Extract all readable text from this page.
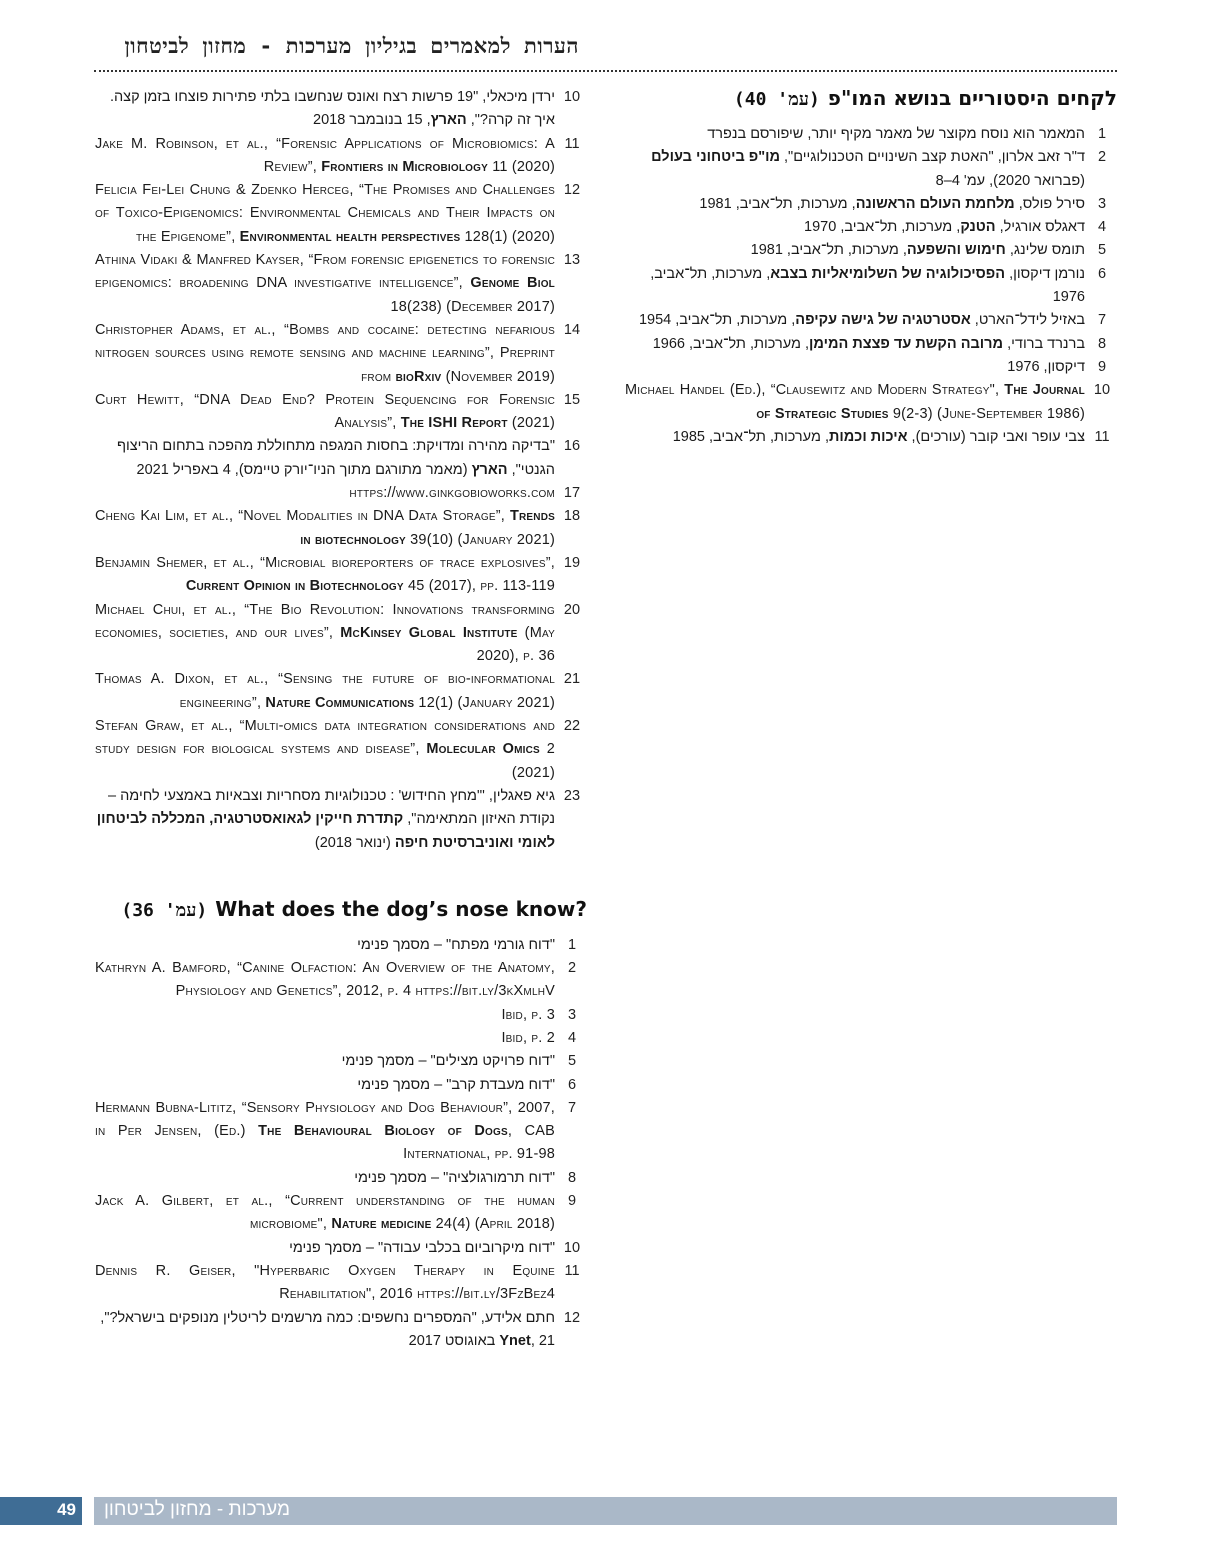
הערות למאמרים בגיליון מערכות - מחזון לביטחון
לקחים היסטוריים בנושא המו"פ(עמ' 40)
1
המאמר הוא נוסח מקוצר של מאמר מקיף יותר, שיפורסם בנפרד
2
ד"ר זאב אלרון, "האטת קצב השינויים הטכנולוגיים", מו"פ ביטחוני בעולם (פברואר 2020), עמ' 4–8
3
סירל פולס, מלחמת העולם הראשונה, מערכות, תל־אביב, 1981
4
דאגלס אורגיל, הטנק, מערכות, תל־אביב, 1970
5
תומס שלינג, חימוש והשפעה, מערכות, תל־אביב, 1981
6
נורמן דיקסון, הפסיכולוגיה של השלומיאליות בצבא, מערכות, תל־אביב, 1976
7
באזיל לידל־הארט, אסטרטגיה של גישה עקיפה, מערכות, תל־אביב, 1954
8
ברנרד ברודי, מרובה הקשת עד פצצת המימן, מערכות, תל־אביב, 1966
9
דיקסון, 1976
10
Michael Handel (Ed.), “Clausewitz and Modern Strategy", The Journal of Strategic Studies 9(2-3) (June-September 1986)
11
צבי עופר ואבי קובר (עורכים), איכות וכמות, מערכות, תל־אביב, 1985
10
ירדן מיכאלי, "19 פרשות רצח ואונס שנחשבו בלתי פתירות פוצחו בזמן קצה. איך זה קרה?", הארץ, 15 בנובמבר 2018
11
Jake M. Robinson, et al., “Forensic Applications of Microbiomics: A Review”, Frontiers in Microbiology 11 (2020)
12
Felicia Fei-Lei Chung & Zdenko Herceg, “The Promises and Challenges of Toxico-Epigenomics: Environmental Chemicals and Their Impacts on the Epigenome”, Environmental health perspectives 128(1) (2020)
13
Athina Vidaki & Manfred Kayser, “From forensic epigenetics to forensic epigenomics: broadening DNA investigative intelligence”, Genome Biol 18(238) (December 2017)
14
Christopher Adams, et al., “Bombs and cocaine: detecting nefarious nitrogen sources using remote sensing and machine learning”, Preprint from bioRxiv (November 2019)
15
Curt Hewitt, “DNA Dead End? Protein Sequencing for Forensic Analysis”, The ISHI Report (2021)
16
"בדיקה מהירה ומדויקת: בחסות המגפה מתחוללת מהפכה בתחום הריצוף הגנטי", הארץ (מאמר מתורגם מתוך הניו־יורק טיימס), 4 באפריל 2021
17
https://www.ginkgobioworks.com
18
Cheng Kai Lim, et al., “Novel Modalities in DNA Data Storage”, Trends in biotechnology 39(10) (January 2021)
19
Benjamin Shemer, et al., “Microbial bioreporters of trace explosives”, Current Opinion in Biotechnology 45 (2017), pp. 113-119
20
Michael Chui, et al., “The Bio Revolution: Innovations transforming economies, societies, and our lives”, McKinsey Global Institute (May 2020), p. 36
21
Thomas A. Dixon, et al., “Sensing the future of bio-informational engineering”, Nature Communications 12(1) (January 2021)
22
Stefan Graw, et al., “Multi-omics data integration considerations and study design for biological systems and disease”, Molecular Omics 2 (2021)
23
גיא פאגלין, '"מחץ החידוש' : טכנולוגיות מסחריות וצבאיות באמצעי לחימה – נקודת האיזון המתאימה", קתדרת חייקין לגאואסטרטגיה, המכללה לביטחון לאומי ואוניברסיטת חיפה (ינואר 2018)
What does the dog’s nose know?(עמ' 36)
1
"דוח גורמי מפתח" – מסמך פנימי
2
Kathryn A. Bamford, “Canine Olfaction: An Overview of the Anatomy, Physiology and Genetics”, 2012, p. 4 https://bit.ly/3kXmlhV
3
Ibid, p. 3
4
Ibid, p. 2
5
"דוח פרויקט מצילים" – מסמך פנימי
6
"דוח מעבדת קרב" – מסמך פנימי
7
Hermann Bubna-Lititz, “Sensory Physiology and Dog Behaviour”, 2007, in Per Jensen, (Ed.) The Behavioural Biology of Dogs, CAB International, pp. 91-98
8
"דוח תרמורגולציה" – מסמך פנימי
9
Jack A. Gilbert, et al., “Current understanding of the human microbiome", Nature medicine 24(4) (April 2018)
10
"דוח מיקרוביום בכלבי עבודה" – מסמך פנימי
11
Dennis R. Geiser, "Hyperbaric Oxygen Therapy in Equine Rehabilitation", 2016 https://bit.ly/3FzBez4
12
חתם אלידע, "המספרים נחשפים: כמה מרשמים לריטלין מנופקים בישראל?", Ynet, 21 באוגוסט 2017
מערכות - מחזון לביטחון
49
